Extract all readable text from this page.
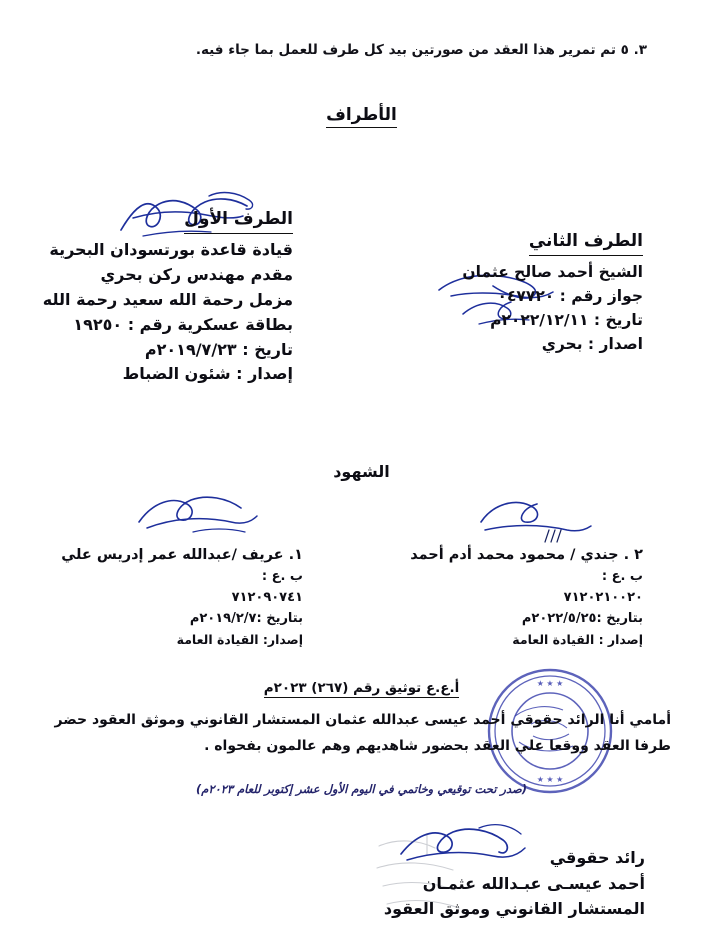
٣. ٥ تم تمرير هذا العقد من صورتين بيد كل طرف للعمل بما جاء فيه.
الأطراف
الطرف الأول
قيادة قاعدة بورتسودان البحرية
مقدم مهندس ركن بحري
مزمل رحمة الله سعيد رحمة الله
بطاقة عسكرية رقم : ١٩٢٥٠
تاريخ : ٢٠١٩/٧/٢٣م
إصدار : شئون الضباط
الطرف الثاني
الشيخ أحمد صالح عثمان
جواز رقم : ٠٤٧٧٢٠
تاريخ : ٢٠٢٢/١٢/١١م
اصدار : بحري
الشهود
١. عريف /عبدالله عمر إدريس علي
ب .ع :
٧١٢٠٩٠٧٤١
بتاريخ :٢٠١٩/٢/٧م
إصدار: القيادة العامة
٢ . جندي / محمود محمد أدم أحمد
ب .ع :
٧١٢٠٢١٠٠٢٠
بتاريخ :٢٠٢٢/٥/٢٥م
إصدار : القيادة العامة
أ.ع.ع توثيق رقم (٢٦٧) ٢٠٢٣م	★ ★ ★
★ ★ ★
أمامي أنا الرائد حقوقي أحمد عيسى عبدالله عثمان المستشار القانوني وموثق العقود حضر طرفا العقد ووقعا علي العقد بحضور شاهديهم وهم عالمون بفحواه .
(صدر تحت توقيعي وخاتمي في اليوم الأول عشر إكتوبر للعام ٢٠٢٣م)
رائد حقوقي
أحمد عيسـى عبـدالله عثمـان
المستشار القانوني وموثق العقود
